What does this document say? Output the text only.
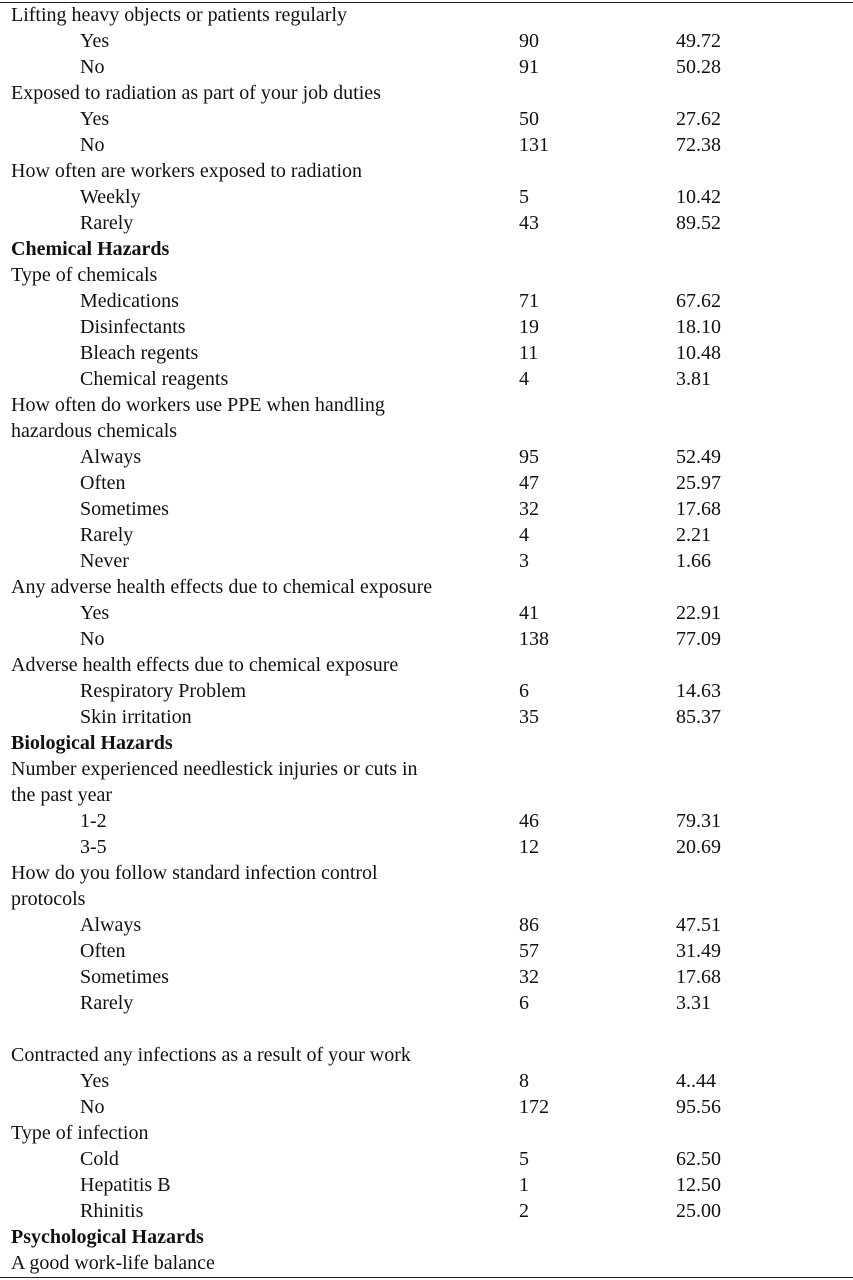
Lifting heavy objects or patients regularly
Yes	90	49.72
No	91	50.28
Exposed to radiation as part of your job duties
Yes	50	27.62
No	131	72.38
How often are workers exposed to radiation
Weekly	5	10.42
Rarely	43	89.52
Chemical Hazards
Type of chemicals
Medications	71	67.62
Disinfectants	19	18.10
Bleach regents	11	10.48
Chemical reagents	4	3.81
How often do workers use PPE when handling
hazardous chemicals
Always	95	52.49
Often	47	25.97
Sometimes	32	17.68
Rarely	4	2.21
Never	3	1.66
Any adverse health effects due to chemical exposure
Yes	41	22.91
No	138	77.09
Adverse health effects due to chemical exposure
Respiratory Problem	6	14.63
Skin irritation	35	85.37
Biological Hazards
Number experienced needlestick injuries or cuts in
the past year
1-2	46	79.31
3-5	12	20.69
How do you follow standard infection control
protocols
Always	86	47.51
Often	57	31.49
Sometimes	32	17.68
Rarely	6	3.31
Contracted any infections as a result of your work
Yes	8	4..44
No	172	95.56
Type of infection
Cold	5	62.50
Hepatitis B	1	12.50
Rhinitis	2	25.00
Psychological Hazards
A good work-life balance
